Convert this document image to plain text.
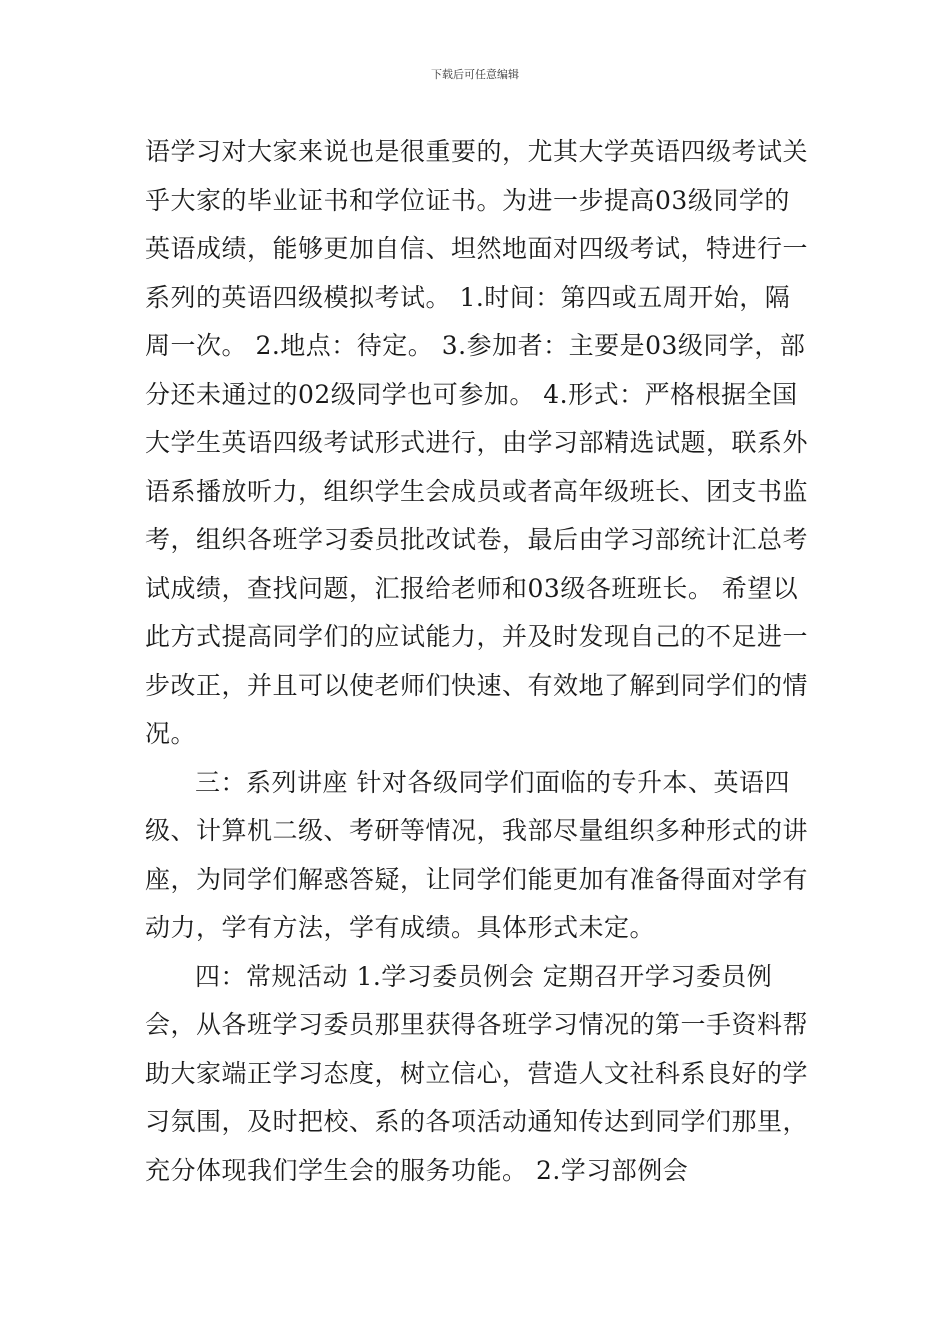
下载后可任意编辑

语学习对大家来说也是很重要的，尤其大学英语四级考试关乎大家的毕业证书和学位证书。为进一步提高03级同学的英语成绩，能够更加自信、坦然地面对四级考试，特进行一系列的英语四级模拟考试。 1.时间：第四或五周开始，隔周一次。 2.地点：待定。 3.参加者：主要是03级同学，部分还未通过的02级同学也可参加。 4.形式：严格根据全国大学生英语四级考试形式进行，由学习部精选试题，联系外语系播放听力，组织学生会成员或者高年级班长、团支书监考，组织各班学习委员批改试卷，最后由学习部统计汇总考试成绩，查找问题，汇报给老师和03级各班班长。 希望以此方式提高同学们的应试能力，并及时发现自己的不足进一步改正，并且可以使老师们快速、有效地了解到同学们的情况。

三：系列讲座 针对各级同学们面临的专升本、英语四级、计算机二级、考研等情况，我部尽量组织多种形式的讲座，为同学们解惑答疑，让同学们能更加有准备得面对学有动力，学有方法，学有成绩。具体形式未定。

四：常规活动 1.学习委员例会 定期召开学习委员例会，从各班学习委员那里获得各班学习情况的第一手资料帮助大家端正学习态度，树立信心，营造人文社科系良好的学习氛围，及时把校、系的各项活动通知传达到同学们那里，充分体现我们学生会的服务功能。 2.学习部例会
